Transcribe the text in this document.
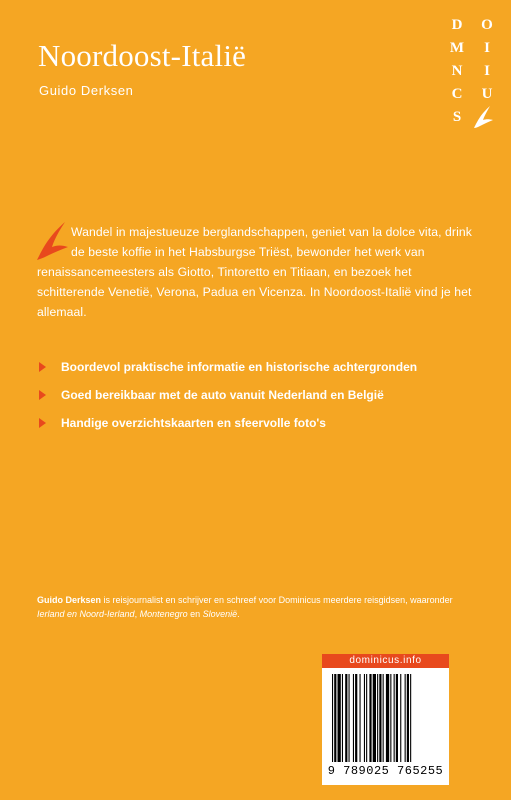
Noordoost-Italië
Guido Derksen
D O
M	I
N	I
C U
S
Wandel in majestueuze berglandschappen, geniet van la dolce vita, drink de beste koffie in het Habsburgse Triëst, bewonder het werk van renaissancemeesters als Giotto, Tintoretto en Titiaan, en bezoek het schitterende Venetië, Verona, Padua en Vicenza. In Noordoost-Italië vind je het allemaal.
Boordevol praktische informatie en historische achtergronden
Goed bereikbaar met de auto vanuit Nederland en België
Handige overzichtskaarten en sfeervolle foto's
Guido Derksen is reisjournalist en schrijver en schreef voor Dominicus meerdere reisgidsen, waaronder Ierland en Noord-Ierland, Montenegro en Slovenië.
dominicus.info
9 789025 765255
